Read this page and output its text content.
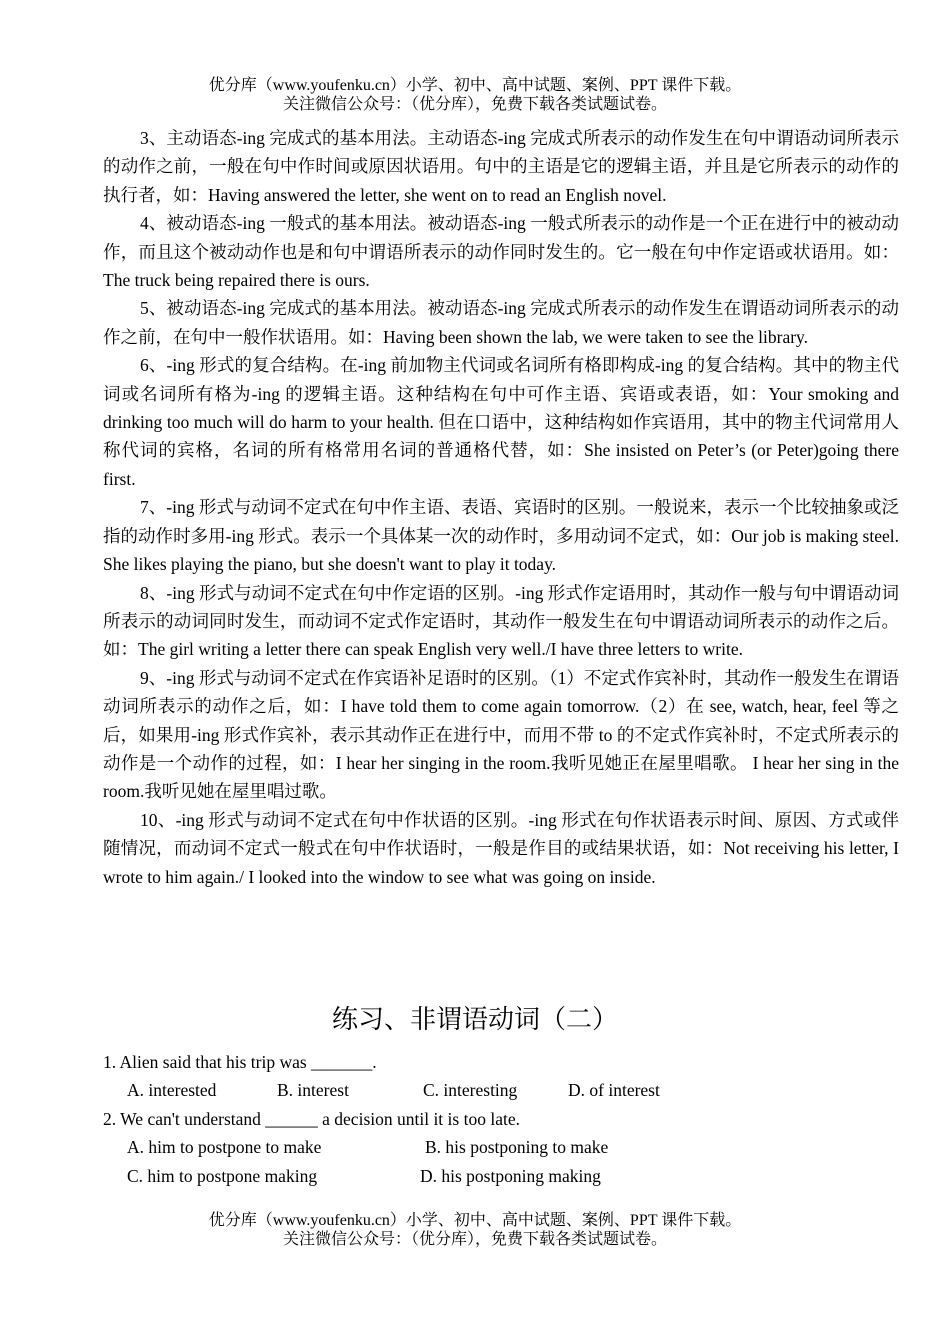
优分库（www.youfenku.cn）小学、初中、高中试题、案例、PPT 课件下载。
关注微信公众号：（优分库），免费下载各类试题试卷。

3、主动语态-ing 完成式的基本用法。主动语态-ing 完成式所表示的动作发生在句中谓语动词所表示的动作之前，一般在句中作时间或原因状语用。句中的主语是它的逻辑主语，并且是它所表示的动作的执行者，如：Having answered the letter, she went on to read an English novel.

4、被动语态-ing 一般式的基本用法。被动语态-ing 一般式所表示的动作是一个正在进行中的被动动作，而且这个被动动作也是和句中谓语所表示的动作同时发生的。它一般在句中作定语或状语用。如：The truck being repaired there is ours.

5、被动语态-ing 完成式的基本用法。被动语态-ing 完成式所表示的动作发生在谓语动词所表示的动作之前，在句中一般作状语用。如：Having been shown the lab, we were taken to see the library.

6、-ing 形式的复合结构。在-ing 前加物主代词或名词所有格即构成-ing 的复合结构。其中的物主代词或名词所有格为-ing 的逻辑主语。这种结构在句中可作主语、宾语或表语，如：Your smoking and drinking too much will do harm to your health. 但在口语中，这种结构如作宾语用，其中的物主代词常用人称代词的宾格，名词的所有格常用名词的普通格代替，如：She insisted on Peter’s (or Peter)going there first.

7、-ing 形式与动词不定式在句中作主语、表语、宾语时的区别。一般说来，表示一个比较抽象或泛指的动作时多用-ing 形式。表示一个具体某一次的动作时，多用动词不定式，如：Our job is making steel. She likes playing the piano, but she doesn't want to play it today.

8、-ing 形式与动词不定式在句中作定语的区别。-ing 形式作定语用时，其动作一般与句中谓语动词所表示的动词同时发生，而动词不定式作定语时，其动作一般发生在句中谓语动词所表示的动作之后。如：The girl writing a letter there can speak English very well./I have three letters to write.

9、-ing 形式与动词不定式在作宾语补足语时的区别。（1）不定式作宾补时，其动作一般发生在谓语动词所表示的动作之后，如：I have told them to come again tomorrow.（2）在 see, watch, hear, feel 等之后，如果用-ing 形式作宾补，表示其动作正在进行中，而用不带 to 的不定式作宾补时，不定式所表示的动作是一个动作的过程，如：I hear her singing in the room.我听见她正在屋里唱歌。 I hear her sing in the room.我听见她在屋里唱过歌。

10、-ing 形式与动词不定式在句中作状语的区别。-ing 形式在句作状语表示时间、原因、方式或伴随情况，而动词不定式一般式在句中作状语时，一般是作目的或结果状语，如：Not receiving his letter, I wrote to him again./ I looked into the window to see what was going on inside.

练习、非谓语动词（二）
1. Alien said that his trip was _______.
A. interested	B. interest	C. interesting	D. of interest
2. We can't understand ______ a decision until it is too late.
A. him to postpone to make	B. his postponing to make
C. him to postpone making	D. his postponing making
优分库（www.youfenku.cn）小学、初中、高中试题、案例、PPT 课件下载。
关注微信公众号：（优分库），免费下载各类试题试卷。
